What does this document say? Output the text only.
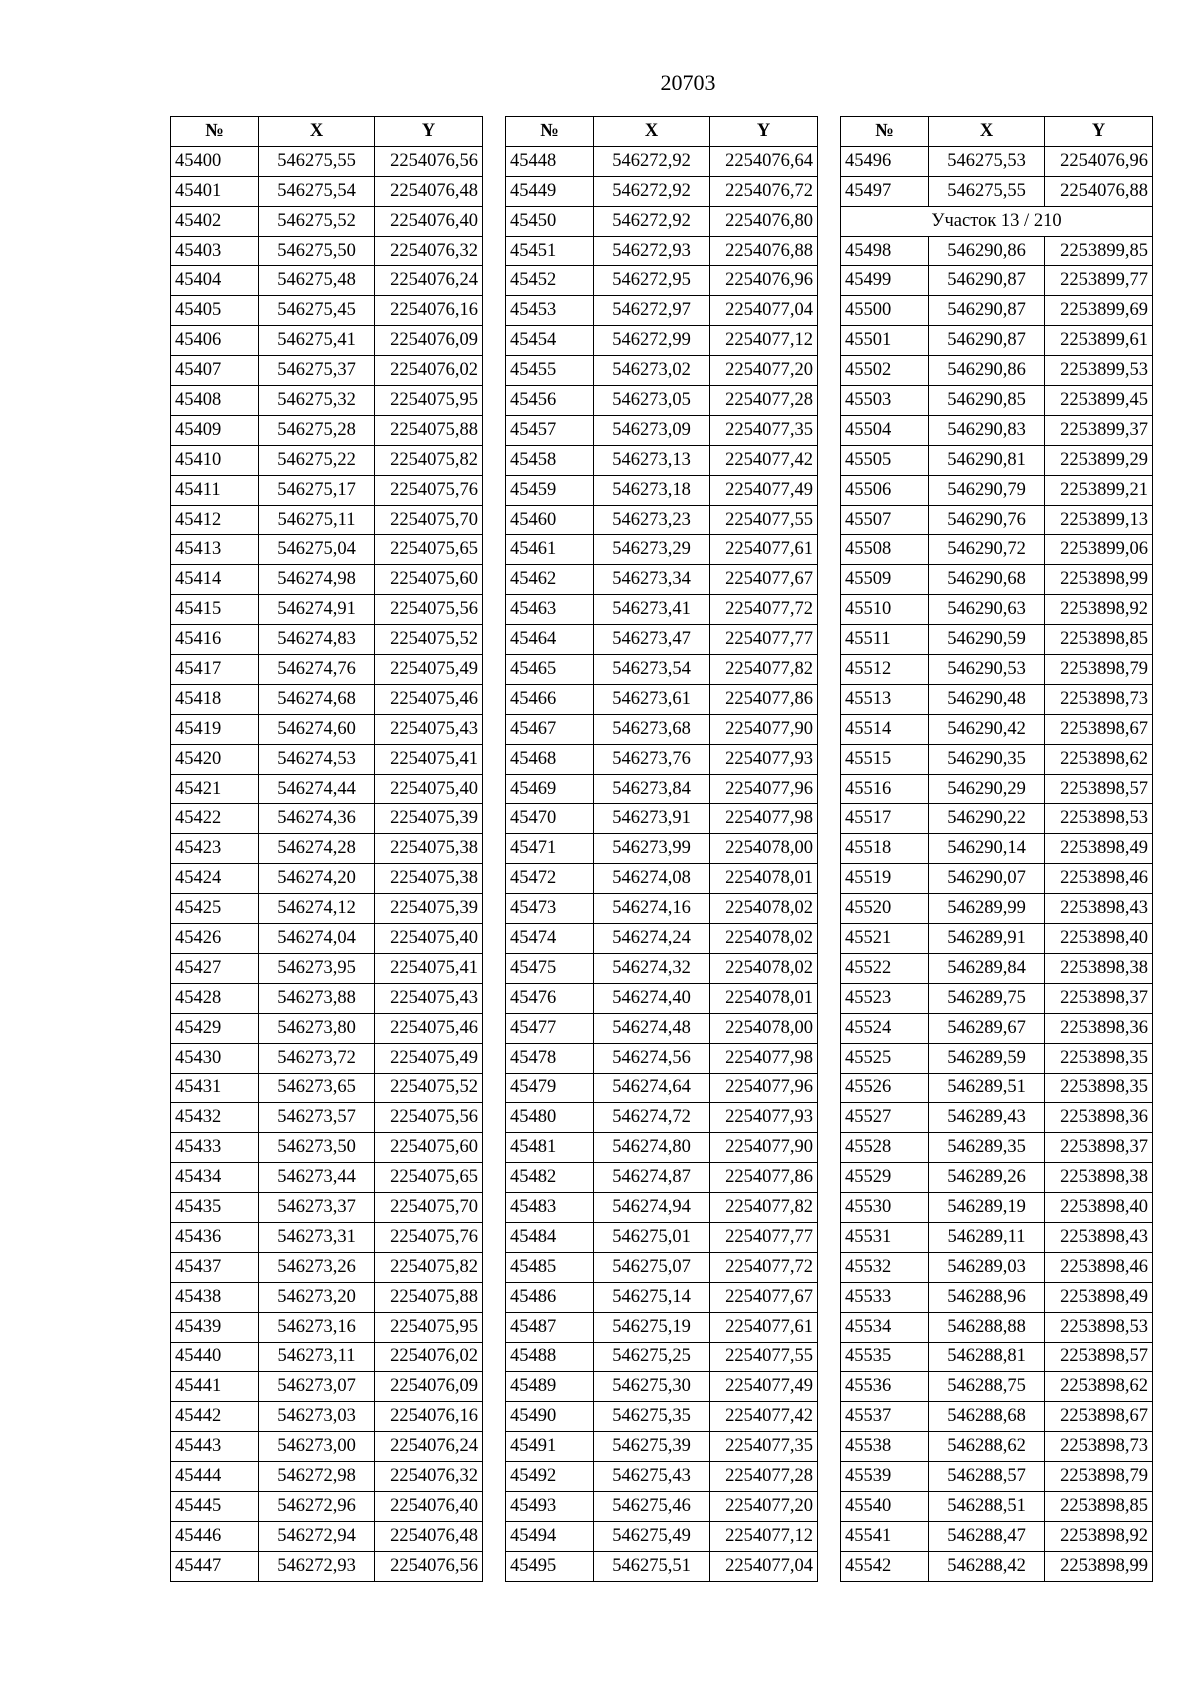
20703
№	X	Y
45400	546275,55	2254076,56
45401	546275,54	2254076,48
45402	546275,52	2254076,40
45403	546275,50	2254076,32
45404	546275,48	2254076,24
45405	546275,45	2254076,16
45406	546275,41	2254076,09
45407	546275,37	2254076,02
45408	546275,32	2254075,95
45409	546275,28	2254075,88
45410	546275,22	2254075,82
45411	546275,17	2254075,76
45412	546275,11	2254075,70
45413	546275,04	2254075,65
45414	546274,98	2254075,60
45415	546274,91	2254075,56
45416	546274,83	2254075,52
45417	546274,76	2254075,49
45418	546274,68	2254075,46
45419	546274,60	2254075,43
45420	546274,53	2254075,41
45421	546274,44	2254075,40
45422	546274,36	2254075,39
45423	546274,28	2254075,38
45424	546274,20	2254075,38
45425	546274,12	2254075,39
45426	546274,04	2254075,40
45427	546273,95	2254075,41
45428	546273,88	2254075,43
45429	546273,80	2254075,46
45430	546273,72	2254075,49
45431	546273,65	2254075,52
45432	546273,57	2254075,56
45433	546273,50	2254075,60
45434	546273,44	2254075,65
45435	546273,37	2254075,70
45436	546273,31	2254075,76
45437	546273,26	2254075,82
45438	546273,20	2254075,88
45439	546273,16	2254075,95
45440	546273,11	2254076,02
45441	546273,07	2254076,09
45442	546273,03	2254076,16
45443	546273,00	2254076,24
45444	546272,98	2254076,32
45445	546272,96	2254076,40
45446	546272,94	2254076,48
45447	546272,93	2254076,56
№	X	Y
45448	546272,92	2254076,64
45449	546272,92	2254076,72
45450	546272,92	2254076,80
45451	546272,93	2254076,88
45452	546272,95	2254076,96
45453	546272,97	2254077,04
45454	546272,99	2254077,12
45455	546273,02	2254077,20
45456	546273,05	2254077,28
45457	546273,09	2254077,35
45458	546273,13	2254077,42
45459	546273,18	2254077,49
45460	546273,23	2254077,55
45461	546273,29	2254077,61
45462	546273,34	2254077,67
45463	546273,41	2254077,72
45464	546273,47	2254077,77
45465	546273,54	2254077,82
45466	546273,61	2254077,86
45467	546273,68	2254077,90
45468	546273,76	2254077,93
45469	546273,84	2254077,96
45470	546273,91	2254077,98
45471	546273,99	2254078,00
45472	546274,08	2254078,01
45473	546274,16	2254078,02
45474	546274,24	2254078,02
45475	546274,32	2254078,02
45476	546274,40	2254078,01
45477	546274,48	2254078,00
45478	546274,56	2254077,98
45479	546274,64	2254077,96
45480	546274,72	2254077,93
45481	546274,80	2254077,90
45482	546274,87	2254077,86
45483	546274,94	2254077,82
45484	546275,01	2254077,77
45485	546275,07	2254077,72
45486	546275,14	2254077,67
45487	546275,19	2254077,61
45488	546275,25	2254077,55
45489	546275,30	2254077,49
45490	546275,35	2254077,42
45491	546275,39	2254077,35
45492	546275,43	2254077,28
45493	546275,46	2254077,20
45494	546275,49	2254077,12
45495	546275,51	2254077,04
№	X	Y
45496	546275,53	2254076,96
45497	546275,55	2254076,88
Участок 13 / 210		
45498	546290,86	2253899,85
45499	546290,87	2253899,77
45500	546290,87	2253899,69
45501	546290,87	2253899,61
45502	546290,86	2253899,53
45503	546290,85	2253899,45
45504	546290,83	2253899,37
45505	546290,81	2253899,29
45506	546290,79	2253899,21
45507	546290,76	2253899,13
45508	546290,72	2253899,06
45509	546290,68	2253898,99
45510	546290,63	2253898,92
45511	546290,59	2253898,85
45512	546290,53	2253898,79
45513	546290,48	2253898,73
45514	546290,42	2253898,67
45515	546290,35	2253898,62
45516	546290,29	2253898,57
45517	546290,22	2253898,53
45518	546290,14	2253898,49
45519	546290,07	2253898,46
45520	546289,99	2253898,43
45521	546289,91	2253898,40
45522	546289,84	2253898,38
45523	546289,75	2253898,37
45524	546289,67	2253898,36
45525	546289,59	2253898,35
45526	546289,51	2253898,35
45527	546289,43	2253898,36
45528	546289,35	2253898,37
45529	546289,26	2253898,38
45530	546289,19	2253898,40
45531	546289,11	2253898,43
45532	546289,03	2253898,46
45533	546288,96	2253898,49
45534	546288,88	2253898,53
45535	546288,81	2253898,57
45536	546288,75	2253898,62
45537	546288,68	2253898,67
45538	546288,62	2253898,73
45539	546288,57	2253898,79
45540	546288,51	2253898,85
45541	546288,47	2253898,92
45542	546288,42	2253898,99
